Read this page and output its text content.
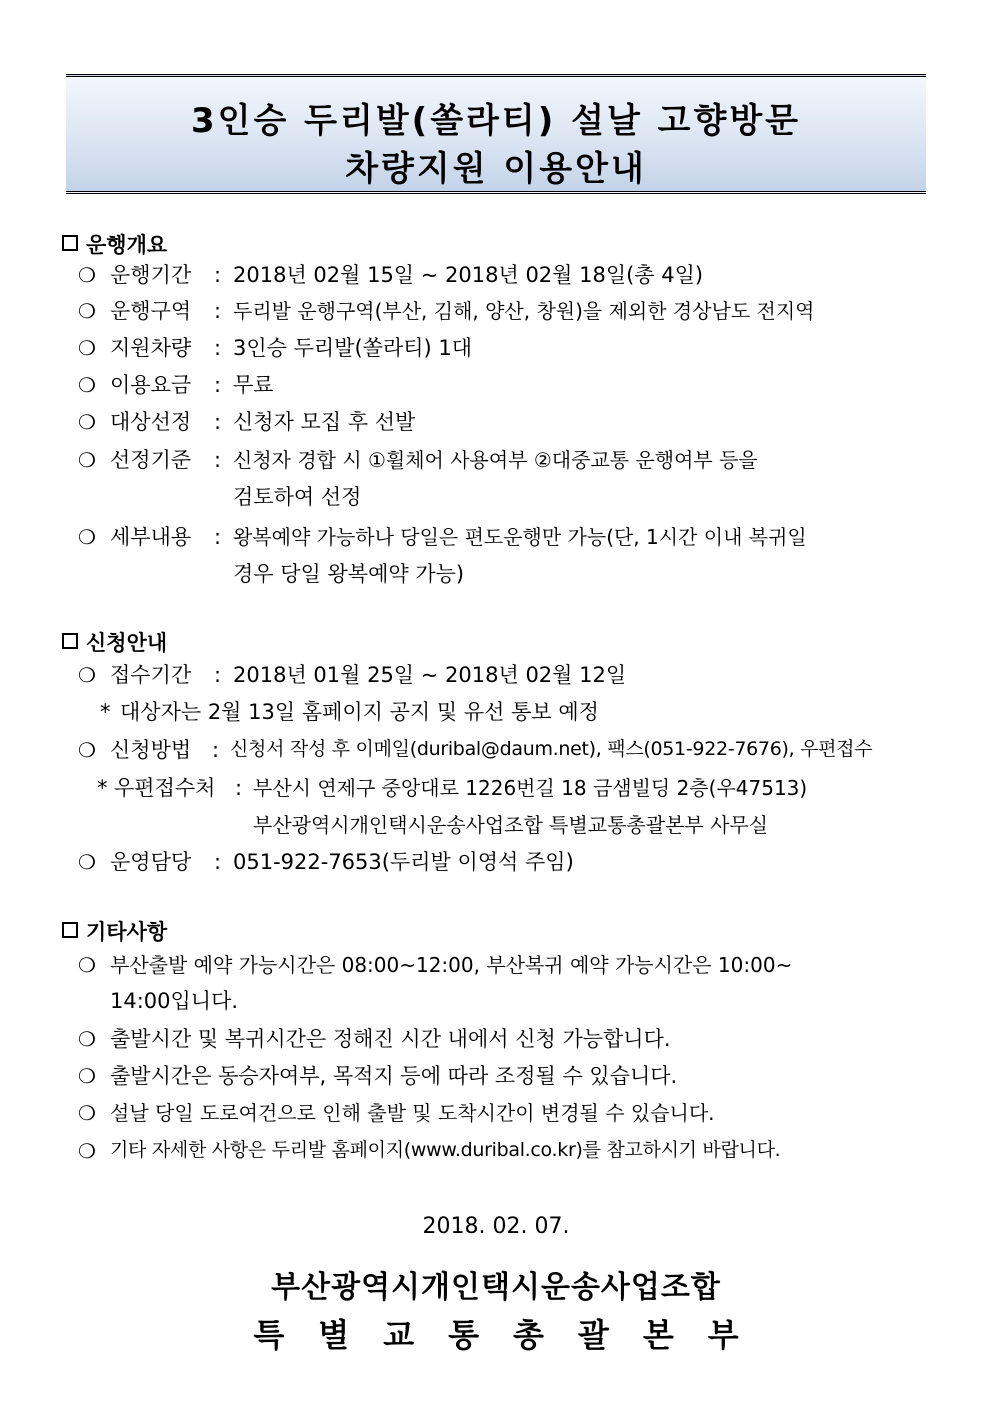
3인승 두리발(쏠라티) 설날 고향방문
차량지원 이용안내
운행개요
❍ 운행기간 : 2018년 02월 15일 ~ 2018년 02월 18일(총 4일)
❍ 운행구역 : 두리발 운행구역(부산, 김해, 양산, 창원)을 제외한 경상남도 전지역
❍ 지원차량 : 3인승 두리발(쏠라티) 1대
❍ 이용요금 : 무료
❍ 대상선정 : 신청자 모집 후 선발
❍ 선정기준 : 신청자 경합 시 ①휠체어 사용여부 ②대중교통 운행여부 등을
검토하여 선정
❍ 세부내용 : 왕복예약 가능하나 당일은 편도운행만 가능(단, 1시간 이내 복귀일
경우 당일 왕복예약 가능)
신청안내
❍ 접수기간 : 2018년 01월 25일 ~ 2018년 02월 12일
* 대상자는 2월 13일 홈페이지 공지 및 유선 통보 예정
❍ 신청방법 : 신청서 작성 후 이메일(duribal@daum.net), 팩스(051-922-7676), 우편접수
* 우편접수처 : 부산시 연제구 중앙대로 1226번길 18 금샘빌딩 2층(우47513)
부산광역시개인택시운송사업조합 특별교통총괄본부 사무실
❍ 운영담당 : 051-922-7653(두리발 이영석 주임)
기타사항
❍ 부산출발 예약 가능시간은 08:00~12:00, 부산복귀 예약 가능시간은 10:00~
14:00입니다.
❍ 출발시간 및 복귀시간은 정해진 시간 내에서 신청 가능합니다.
❍ 출발시간은 동승자여부, 목적지 등에 따라 조정될 수 있습니다.
❍ 설날 당일 도로여건으로 인해 출발 및 도착시간이 변경될 수 있습니다.
❍ 기타 자세한 사항은 두리발 홈페이지(www.duribal.co.kr)를 참고하시기 바랍니다.
2018. 02. 07.
부산광역시개인택시운송사업조합
특별교통총괄본부
